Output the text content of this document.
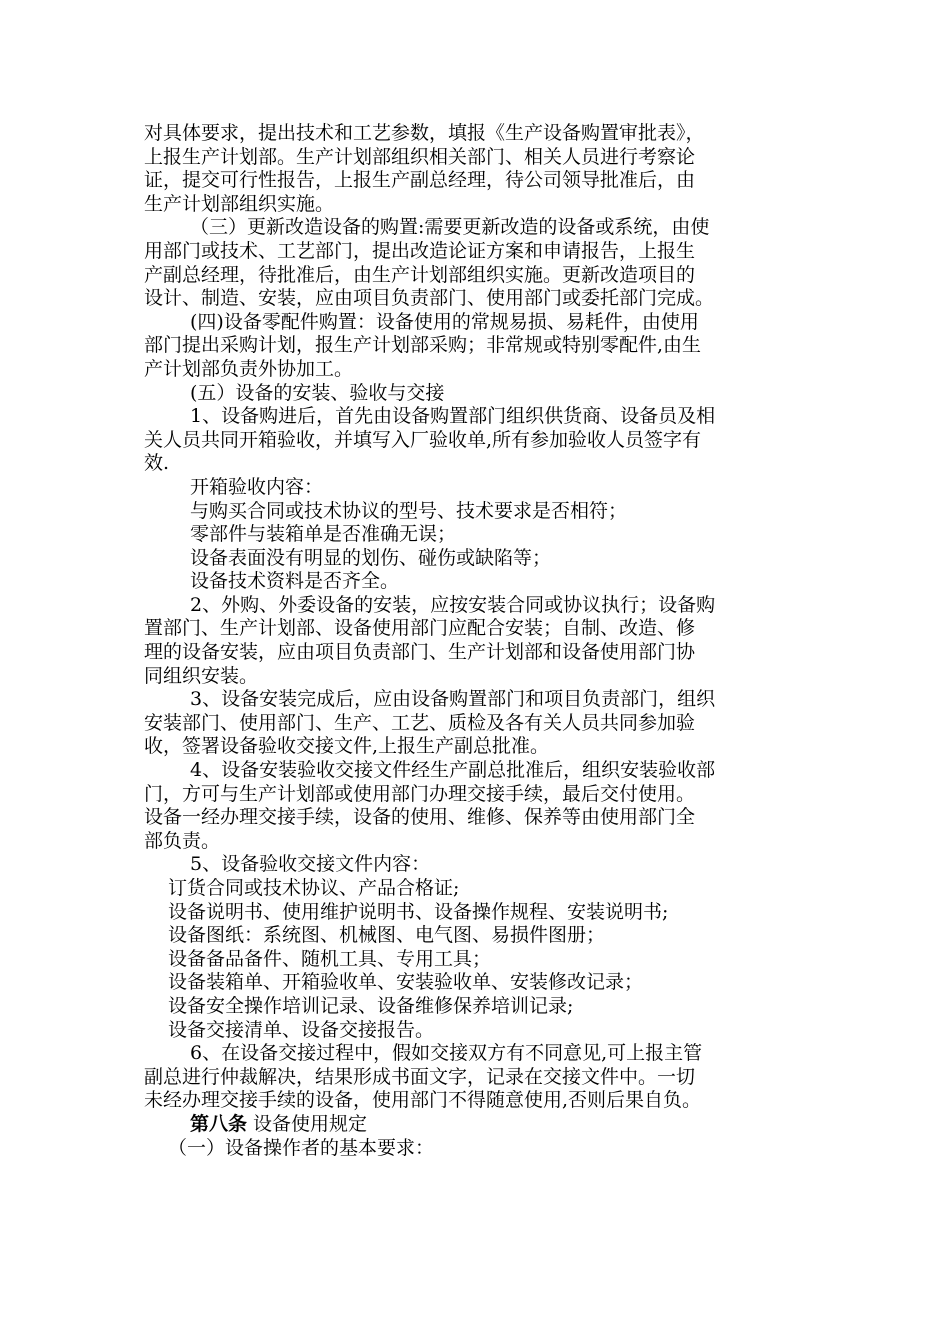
对具体要求，提出技术和工艺参数，填报《生产设备购置审批表》，

上报生产计划部。生产计划部组织相关部门、相关人员进行考察论

证，提交可行性报告，上报生产副总经理，待公司领导批准后，由

生产计划部组织实施。

（三）更新改造设备的购置:需要更新改造的设备或系统，由使

用部门或技术、工艺部门，提出改造论证方案和申请报告，上报生

产副总经理，待批准后，由生产计划部组织实施。更新改造项目的

设计、制造、安装，应由项目负责部门、使用部门或委托部门完成。

(四)设备零配件购置：设备使用的常规易损、易耗件，由使用

部门提出采购计划，报生产计划部采购；非常规或特别零配件,由生

产计划部负责外协加工。

(五）设备的安装、验收与交接

1、设备购进后，首先由设备购置部门组织供货商、设备员及相

关人员共同开箱验收，并填写入厂验收单,所有参加验收人员签字有

效.

开箱验收内容：

与购买合同或技术协议的型号、技术要求是否相符；

零部件与装箱单是否准确无误；

设备表面没有明显的划伤、碰伤或缺陷等；

设备技术资料是否齐全。

2、外购、外委设备的安装，应按安装合同或协议执行；设备购

置部门、生产计划部、设备使用部门应配合安装；自制、改造、修

理的设备安装，应由项目负责部门、生产计划部和设备使用部门协

同组织安装。

3、设备安装完成后，应由设备购置部门和项目负责部门，组织

安装部门、使用部门、生产、工艺、质检及各有关人员共同参加验

收，签署设备验收交接文件,上报生产副总批准。

4、设备安装验收交接文件经生产副总批准后，组织安装验收部

门，方可与生产计划部或使用部门办理交接手续，最后交付使用。

设备一经办理交接手续，设备的使用、维修、保养等由使用部门全

部负责。

5、设备验收交接文件内容：

订货合同或技术协议、产品合格证;

设备说明书、使用维护说明书、设备操作规程、安装说明书;

设备图纸：系统图、机械图、电气图、易损件图册；

设备备品备件、随机工具、专用工具；

设备装箱单、开箱验收单、安装验收单、安装修改记录；

设备安全操作培训记录、设备维修保养培训记录;

设备交接清单、设备交接报告。

6、在设备交接过程中，假如交接双方有不同意见,可上报主管

副总进行仲裁解决，结果形成书面文字，记录在交接文件中。一切

未经办理交接手续的设备，使用部门不得随意使用,否则后果自负。

第八条 设备使用规定

（一）设备操作者的基本要求：
